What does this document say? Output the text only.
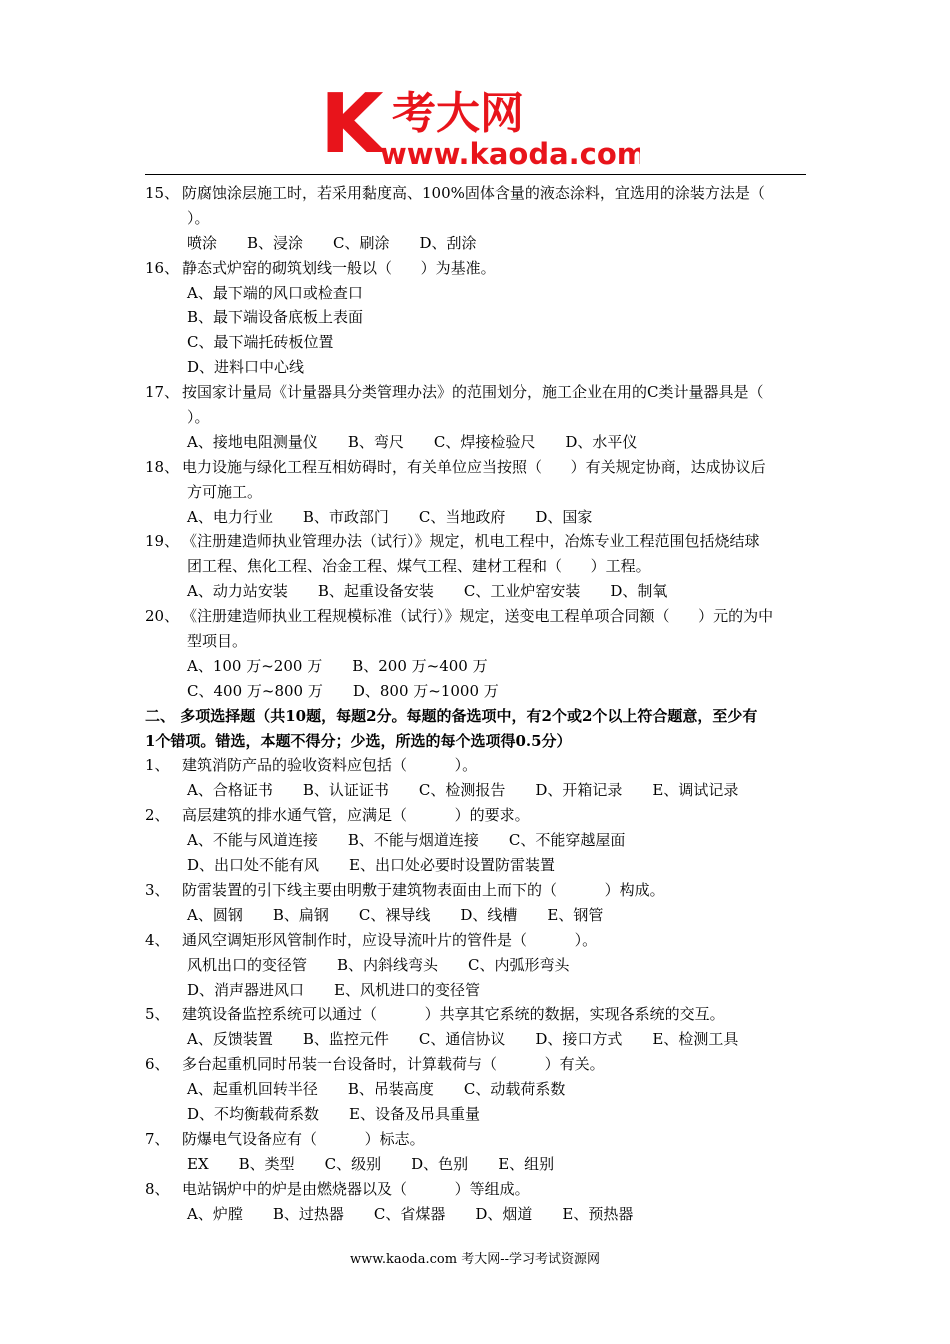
K 考大网
www.kaoda.com
15、 防腐蚀涂层施工时，若采用黏度高、100%固体含量的液态涂料，宜选用的涂装方法是（
）。
喷涂 B、浸涂 C、刷涂 D、刮涂
16、 静态式炉窑的砌筑划线一般以（      ）为基准。
A、最下端的风口或检查口
B、最下端设备底板上表面
C、最下端托砖板位置
D、进料口中心线
17、 按国家计量局《计量器具分类管理办法》的范围划分，施工企业在用的C类计量器具是（
）。
A、接地电阻测量仪 B、弯尺 C、焊接检验尺 D、水平仪
18、 电力设施与绿化工程互相妨碍时，有关单位应当按照（      ）有关规定协商，达成协议后
方可施工。
A、电力行业 B、市政部门 C、当地政府 D、国家
19、 《注册建造师执业管理办法（试行）》规定，机电工程中，冶炼专业工程范围包括烧结球
团工程、焦化工程、冶金工程、煤气工程、建材工程和（      ）工程。
A、动力站安装 B、起重设备安装 C、工业炉窑安装 D、制氧
20、 《注册建造师执业工程规模标准（试行）》规定，送变电工程单项合同额（      ）元的为中
型项目。
A、100 万~200 万 B、200 万~400 万
C、400 万~800 万 D、800 万~1000 万
二、 多项选择题（共10题，每题2分。每题的备选项中，有2个或2个以上符合题意，至少有
1个错项。错选，本题不得分；少选，所选的每个选项得0.5分）
1、 建筑消防产品的验收资料应包括（          ）。
A、合格证书 B、认证证书 C、检测报告 D、开箱记录 E、调试记录
2、 高层建筑的排水通气管，应满足（          ）的要求。
A、不能与风道连接 B、不能与烟道连接 C、不能穿越屋面
D、出口处不能有风 E、出口处必要时设置防雷装置
3、 防雷装置的引下线主要由明敷于建筑物表面由上而下的（          ）构成。
A、圆钢 B、扁钢 C、裸导线 D、线槽 E、钢管
4、 通风空调矩形风管制作时，应设导流叶片的管件是（          ）。
风机出口的变径管 B、内斜线弯头 C、内弧形弯头
D、消声器进风口 E、风机进口的变径管
5、 建筑设备监控系统可以通过（          ）共享其它系统的数据，实现各系统的交互。
A、反馈装置 B、监控元件 C、通信协议 D、接口方式 E、检测工具
6、 多台起重机同时吊装一台设备时，计算载荷与（          ）有关。
A、起重机回转半径 B、吊装高度 C、动载荷系数
D、不均衡载荷系数 E、设备及吊具重量
7、 防爆电气设备应有（          ）标志。
EX B、类型 C、级别 D、色别 E、组别
8、 电站锅炉中的炉是由燃烧器以及（          ）等组成。
A、炉膛 B、过热器 C、省煤器 D、烟道 E、预热器
www.kaoda.com 考大网--学习考试资源网
